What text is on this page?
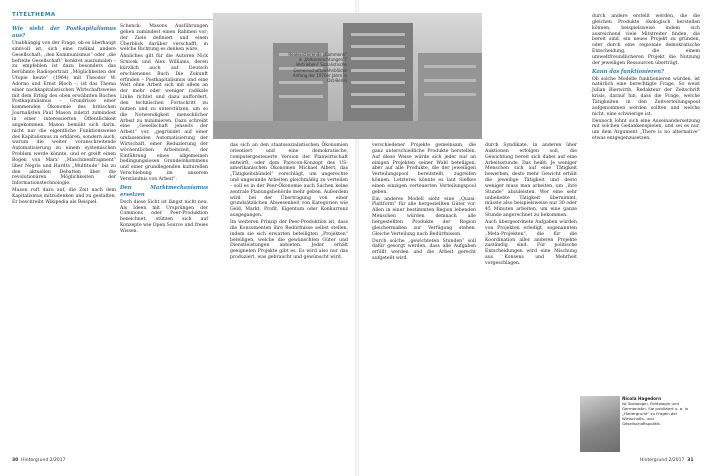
TITELTHEMA

Wie sieht der Postkapitalismus aus?

Unabhängig von der Frage, ob es überhaupt sinnvoll ist, sich eine radikal andere Gesellschaft, „den Kommunismus“ oder „die befreite Gesellschaft“ konkret auszumalen – zu empfehlen ist dazu besonders das berühmte Radioportrait „Möglichkeiten der Utopie heute“ (1964) mit Theodor W. Adorno und Ernst Bloch –, ist das Thema einer nachkapitalistischen Wirtschaftsweise mit dem Erfolg des oben erwähnten Buches Postkapitalismus – Grundrisse einer kommenden Ökonomie des britischen Journalisten Paul Mason zuletzt zumindest in einer interessierten Öffentlichkeit angekommen. Mason bemüht sich darin, nicht nur die eigentliche Funktionsweise des Kapitalismus zu erklären, sondern auch, warum die weiter voranschreitende Automatisierung zu einem systemischen Problem werde könnte, und er greift einen Bogen von Marx’ „Maschinenfragment“ über Negris und Hardts „Multitude“ bis zu den aktuellen Debatten über die revolutionären Möglichkeiten der Informationstechnologie.

Mason ruft dazu auf, die Zeit nach dem Kapitalismus mitzudenken und zu gestalten. Er beschreibt Wikipedia als Beispiel.

Schenck: Masons Ausführungen gehen zumindest einen Rahmen vor; der Ziele definiert und einen Überblick darüber verschafft, in welche Richtung es denken wäre.

Ähnliches gilt für die Autoren Nick Srnicek und Alex Williams, deren kürzlich auch auf Deutsch erschienenes Buch Die Zukunft erfinden – Postkapitalismus und eine Welt ohne Arbeit sich mit allem an der mehr oder weniger radikale Linke richtet und dazu auffordert, den technischen Fortschritt zu nutzen und zu unterstützen, um so die Notwendigkeit menschlicher Arbeit zu minimieren. Dazu schreibt eine „Gesellschaft jenseits der Arbeit“ vor, „gegründet auf einer umfassenden Automatisierung der Wirtschaft, einer Reduzierung der wöchentlichen Arbeitszeit, der Einführung eines allgemeinen bedingungslosen Grundeinkommens und einer grundlegenden kulturellen Verschiebung im unserem Verständnis von Arbeit“.

Den Marktmechanismus ersetzen

Doch diese Sicht ist längst nicht neu. Als Ideen mit Ursprüngen der Commons oder Peer-Produktion bezeichnet, stützen sich auf Konzepte wie Open Source und freies Wissen.

das sich an den staatssozialistischen Ökonomien orientiert und eine demokratische, computergesteuerte Version der Planwirtschaft entwirft, oder dem Parecon-Konzept des US-amerikanischen Ökonomen Michael Albert, das „Tätigkeitsbündel“ vorschlägt, um ungerechte und ungesunde Arbeiten gleichmäßig zu verteilen – soll es in der Peer-Ökonomie auch Sachen keine zentrale Planungsbehörde mehr geben. Außerdem wird bei der Übertragung von einer grundsätzlichen Abwesenheit von Kategorien wie Geld, Markt, Profit, Eigentum oder Konkurrenz ausgegangen.

Im weiteren Prinzip der Peer-Produktion ist, dass die Konsumenten ihre Bedürfnisse selbst stellen, indem sie sich erwarten beteiligten „Projekten“ beteiligen, welche die gewünschten Güter und Dienstleistungen anbieten. Jeder erhält geeigneten Projekte gibt es. Es wird also nur das produziert, was gebraucht und gewünscht wird.

Realexistierende „Commons“ in „Volkseinrichtungen“? Vertrieben? Sozialistische Gemeinschaftswohnblöcke Anfang der 1970er Jahre in Ost-Berlin

verschiedener Projekte gemeinsam, die ganz unterschiedliche Produkte herstellen. Auf diese Weise würde sich jeder nur an einigen Projekten seiner Wahl beteiligen, aber auf alle Produkte, die der jeweiligen Verteilungspool bereitstellt, zugreifen können. Letzteres könnte es laut Siefkes einen einzigen verteuerten Verteilungspool geben.

Ein anderes Modell sieht eine „Quasi-Plattform“ für alle hergestellten Güter vor. Allen in einer bestimmten Region lebenden Menschen würden demnach alle hergestellten Produkte der Region gleichermaßen zur Verfügung stehen. Gleiche Verteilung nach Bedürfnissen.

Durch solche „gewichteten Stunden“ soll dafür gesorgt werden, dass alle Aufgaben erfüllt werden und die Arbeit gerecht aufgeteilt wird.

durch Syndikate, in anderen über Auktionen erfolgen soll, die Gewichtung bereit sich dabei auf eine Arbeitsstunde. Das heißt: Je weniger Menschen sich auf eine Tätigkeit bewerben, desto mehr Gewicht erhält die jeweilige Tätigkeit und desto weniger muss man arbeiten, um „ihre Stunde“ abzuleisten. Wer eine sehr unbeliebte Tätigkeit übernimmt, müsste also beispielsweise nur 30 oder 45 Minuten arbeiten, um eine ganze Stunde angerechnet zu bekommen.

Auch übergeordnete Aufgaben würden von Projekten erledigt, sogenannten „Meta-Projekten“, die für die Koordination aller anderen Projekte zuständig sind. Für politische Entscheidungen wird eine Mischung aus Konsens und Mehrheit vorgeschlagen.

durch andere erstellt werden, die die gleichen Produkte ökologisch herstellen können, beispielsweise indem sich ausreichend viele Mitstreiter finden, die bereit sind, ein neues Projekt zu gründen, oder durch eine regionale demokratische Entscheidung, die einem umweltfreundlicheren Projekt die Nutzung der jeweiligen Ressourcen überträgt.

Kann das funktionieren?

Ob solche Modelle funktionieren würden, ist natürlich eine berechtigte Frage. So weist Julian Bierwirth, Redakteur der Zeitschrift krisis, darauf hin, dass die Frage, welche Tätigkeiten in den Zeitverteilungspool aufgenommen werden sollten und welche nicht, eine schwierige ist.

Dennoch lohnt sich eine Auseinandersetzung mit solchen Gedankenspielen, und sei es nur, um dem Argument „There is no alternative“ etwas entgegenzusetzen.

Nicola Hagedorn
ist Soziologin, Politologin und Germanistin. Sie publiziert u. a. in „Hintergrund“ zu Fragen der Wirtschafts- und Gesellschaftspolitik.
30 Hintergrund 2/2017	Hintergrund 2/2017 31
